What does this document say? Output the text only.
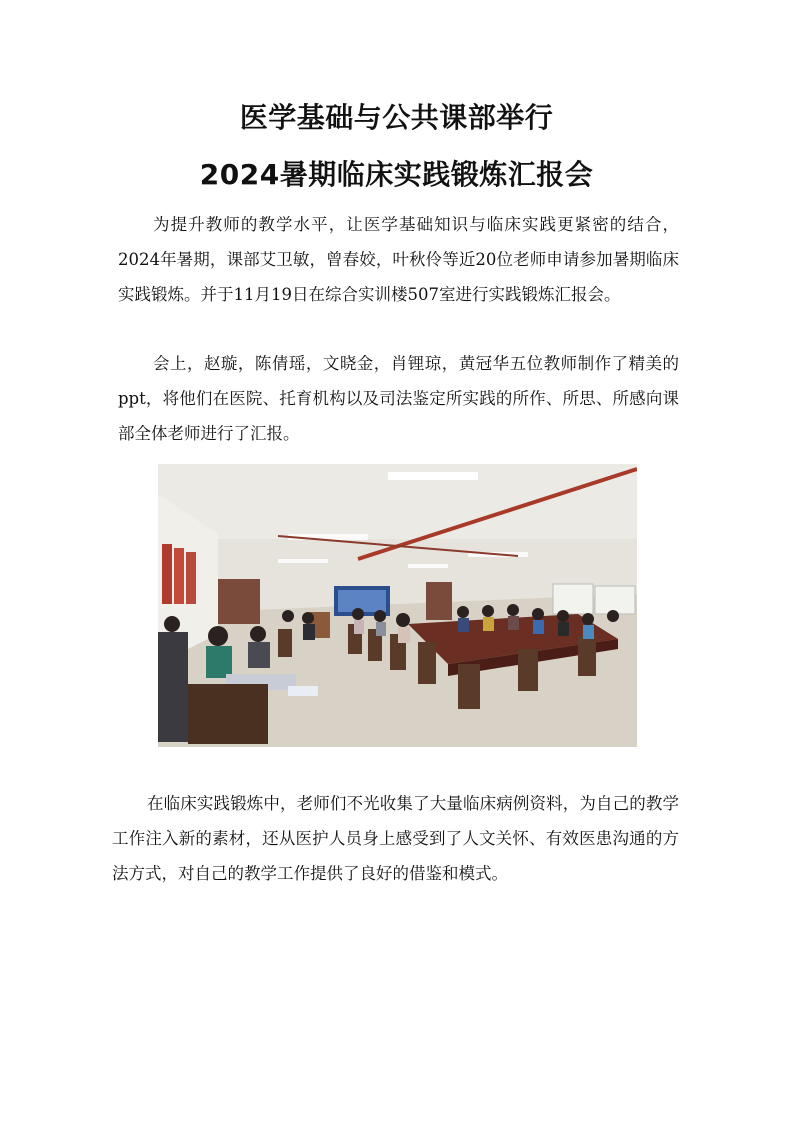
医学基础与公共课部举行
2024暑期临床实践锻炼汇报会

为提升教师的教学水平，让医学基础知识与临床实践更紧密的结合，2024年暑期，课部艾卫敏，曾春姣，叶秋伶等近20位老师申请参加暑期临床实践锻炼。并于11月19日在综合实训楼507室进行实践锻炼汇报会。

会上，赵璇，陈倩瑶，文晓金，肖锂琼，黄冠华五位教师制作了精美的ppt，将他们在医院、托育机构以及司法鉴定所实践的所作、所思、所感向课部全体老师进行了汇报。

在临床实践锻炼中，老师们不光收集了大量临床病例资料，为自己的教学工作注入新的素材，还从医护人员身上感受到了人文关怀、有效医患沟通的方法方式，对自己的教学工作提供了良好的借鉴和模式。
